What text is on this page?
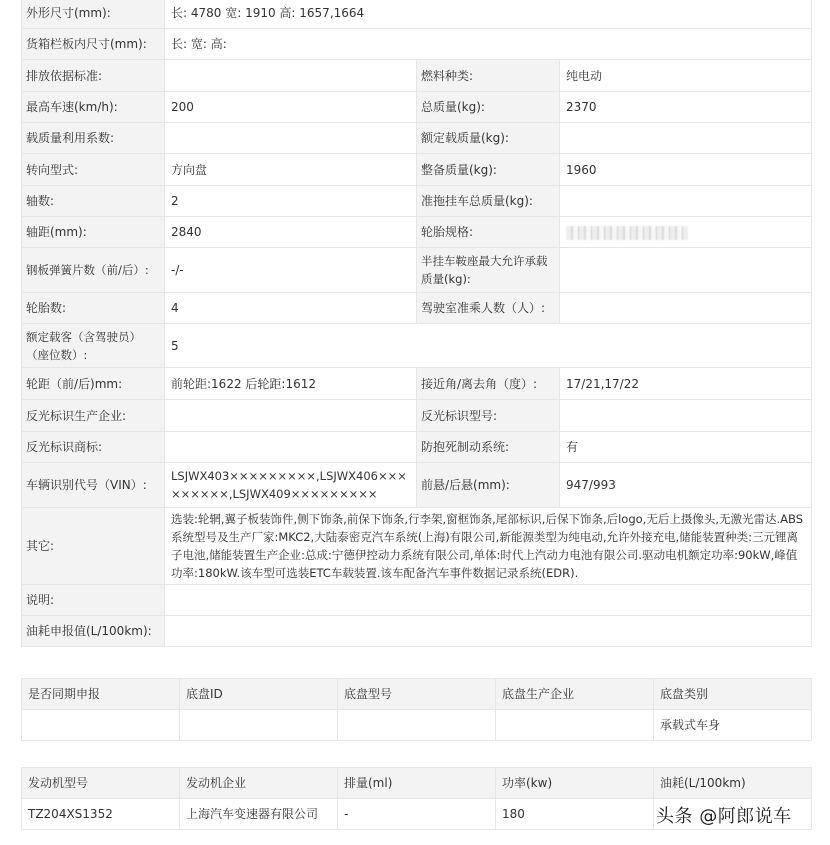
外形尺寸(mm):	长: 4780 宽: 1910 高: 1657,1664		
货箱栏板内尺寸(mm):	长: 宽: 高:		
排放依据标准:		燃料种类:	纯电动
最高车速(km/h):	200	总质量(kg):	2370
载质量利用系数:		额定载质量(kg):	
转向型式:	方向盘	整备质量(kg):	1960
轴数:	2	准拖挂车总质量(kg):	
轴距(mm):	2840	轮胎规格:	
钢板弹簧片数（前/后）:	-/-	半挂车鞍座最大允许承载质量(kg):	
轮胎数:	4	驾驶室准乘人数（人）:	
额定载客（含驾驶员）（座位数）:	5		
轮距（前/后)mm:	前轮距:1622 后轮距:1612	接近角/离去角（度）:	17/21,17/22
反光标识生产企业:		反光标识型号:	
反光标识商标:		防抱死制动系统:	有
车辆识别代号（VIN）:	LSJWX403×××××××××,LSJWX406×××××××××,LSJWX409×××××××××	前悬/后悬(mm):	947/993
其它:	选装:轮辋,翼子板装饰件,侧下饰条,前保下饰条,行李架,窗框饰条,尾部标识,后保下饰条,后logo,无后上摄像头,无激光雷达.ABS系统型号及生产厂家:MKC2,大陆泰密克汽车系统(上海)有限公司,新能源类型为纯电动,允许外接充电,储能装置种类:三元锂离子电池,储能装置生产企业:总成:宁德伊控动力系统有限公司,单体:时代上汽动力电池有限公司.驱动电机额定功率:90kW,峰值功率:180kW.该车型可选装ETC车载装置.该车配备汽车事件数据记录系统(EDR).		
说明:			
油耗申报值(L/100km):			
是否同期申报	底盘ID	底盘型号	底盘生产企业	底盘类别
				承载式车身
发动机型号	发动机企业	排量(ml)	功率(kw)	油耗(L/100km)
TZ204XS1352	上海汽车变速器有限公司	-	180		头条 @阿郎说车
